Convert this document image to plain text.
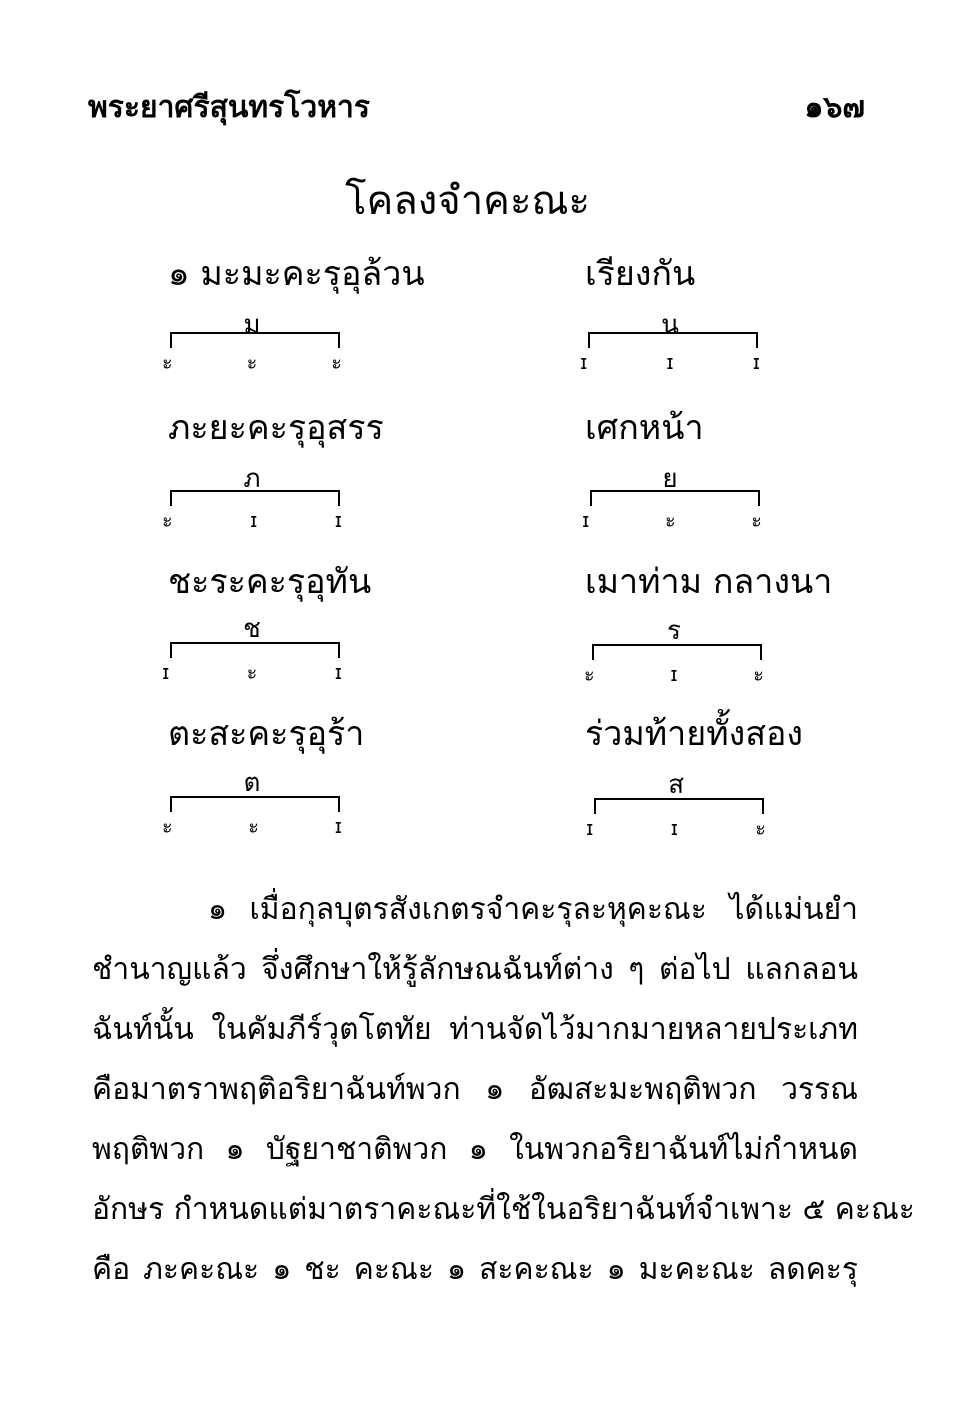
พระยาศรีสุนทรโวหาร	๑๖๗
โคลงจำคะณะ
๑ มะมะคะรุอุล้วน	เรียงกัน
ม	น
ะ	ะ	ะ	ɪ	ɪ	ɪ
ภะยะคะรุอุสรร	เศกหน้า
ภ	ย
ะ	ɪ	ɪ	ɪ	ะ	ะ
ชะระคะรุอุทัน	เมาท่าม กลางนา
ช	ร
ɪ	ะ	ɪ	ะ	ɪ	ะ
ตะสะคะรุอุร้า	ร่วมท้ายทั้งสอง
ต	ส
ะ	ะ	ɪ	ɪ	ɪ	ะ
๑ เมื่อกุลบุตรสังเกตรจำคะรุละหุคะณะ ได้แม่นยำ
ชำนาญแล้ว จึ่งศึกษาให้รู้ลักษณฉันท์ต่าง ๆ ต่อไป แลกลอน
ฉันท์นั้น ในคัมภีร์วุตโตทัย ท่านจัดไว้มากมายหลายประเภท
คือมาตราพฤติอริยาฉันท์พวก ๑ อัฒสะมะพฤติพวก วรรณ
พฤติพวก ๑ บัฐยาชาติพวก ๑ ในพวกอริยาฉันท์ไม่กำหนด
อักษร กำหนดแต่มาตราคะณะที่ใช้ในอริยาฉันท์จำเพาะ ๕ คะณะ
คือ ภะคะณะ ๑ ชะ คะณะ ๑ สะคะณะ ๑ มะคะณะ ลดคะรุ
